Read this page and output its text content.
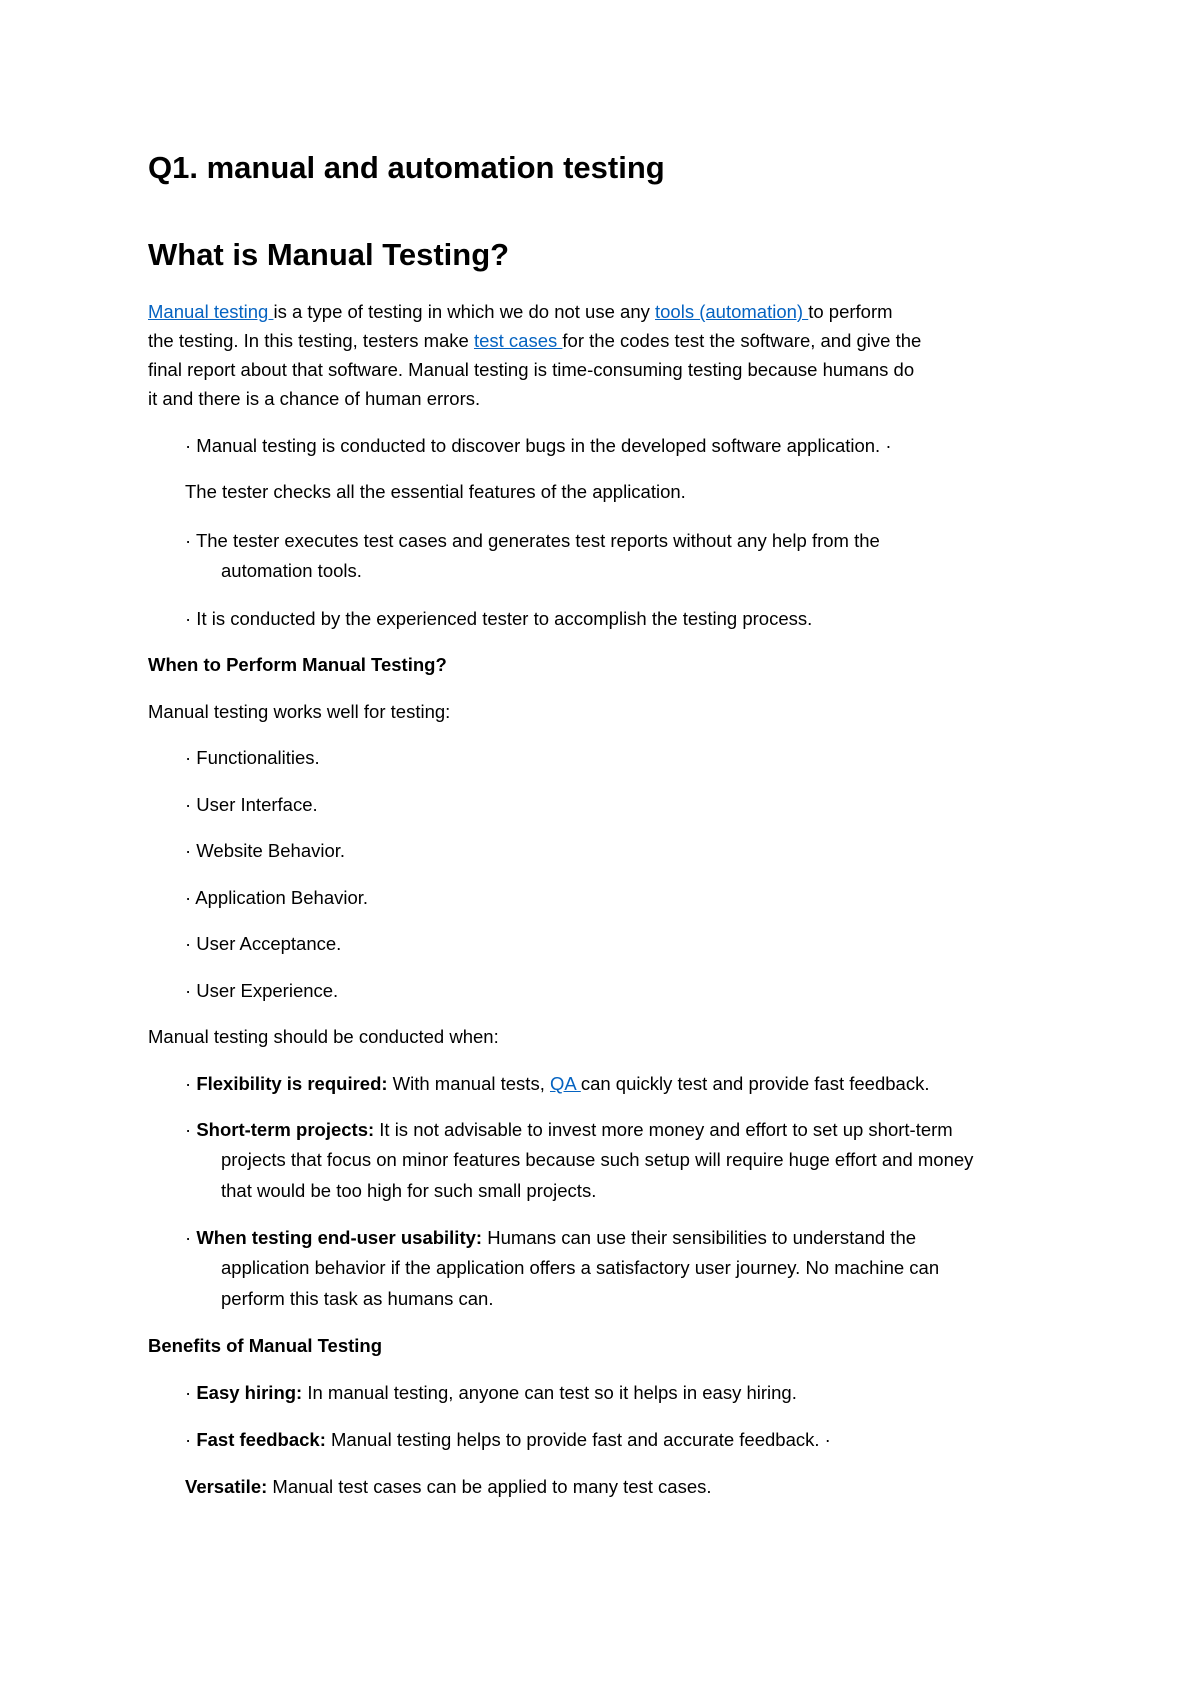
Q1. manual and automation testing
What is Manual Testing?
Manual testing is a type of testing in which we do not use any tools (automation) to perform
the testing. In this testing, testers make test cases for the codes test the software, and give the
final report about that software. Manual testing is time-consuming testing because humans do
it and there is a chance of human errors.
· Manual testing is conducted to discover bugs in the developed software application. ·
The tester checks all the essential features of the application.
· The tester executes test cases and generates test reports without any help from the
automation tools.
· It is conducted by the experienced tester to accomplish the testing process.
When to Perform Manual Testing?
Manual testing works well for testing:
· Functionalities.
· User Interface.
· Website Behavior.
· Application Behavior.
· User Acceptance.
· User Experience.
Manual testing should be conducted when:
· Flexibility is required: With manual tests, QA can quickly test and provide fast feedback.
· Short-term projects: It is not advisable to invest more money and effort to set up short-term
projects that focus on minor features because such setup will require huge effort and money
that would be too high for such small projects.
· When testing end-user usability: Humans can use their sensibilities to understand the
application behavior if the application offers a satisfactory user journey. No machine can
perform this task as humans can.
Benefits of Manual Testing
· Easy hiring: In manual testing, anyone can test so it helps in easy hiring.
· Fast feedback: Manual testing helps to provide fast and accurate feedback. ·
Versatile: Manual test cases can be applied to many test cases.
